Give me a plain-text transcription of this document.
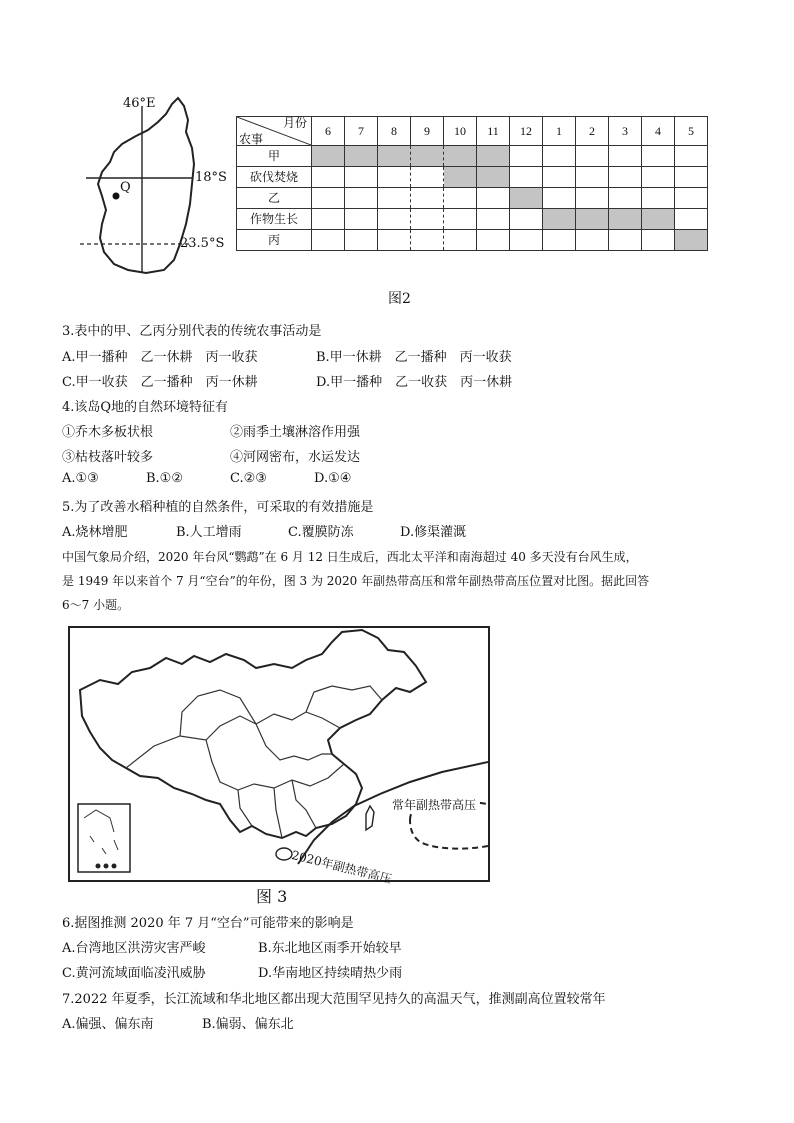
46°E
18°S
23.5°S
Q
月份
农事	6	7	8	9	10	11	12	1	2	3	4	5
甲												
砍伐焚烧												
乙												
作物生长												
丙												
图2
3.表中的甲、乙丙分别代表的传统农事活动是
A.甲一播种　乙一休耕　丙一收获	B.甲一休耕　乙一播种　丙一收获
C.甲一收获　乙一播种　丙一休耕	D.甲一播种　乙一收获　丙一休耕
4.该岛Q地的自然环境特征有
①乔木多板状根	②雨季土壤淋溶作用强
③枯枝落叶较多	④河网密布，水运发达
A.①③	B.①②	C.②③	D.①④
5.为了改善水稻种植的自然条件，可采取的有效措施是
A.烧林增肥	B.人工增雨	C.覆膜防冻	D.修渠灌溉
中国气象局介绍，2020 年台风“鹦鹉”在 6 月 12 日生成后，西北太平洋和南海超过 40 多天没有台风生成，
是 1949 年以来首个 7 月“空台”的年份，图 3 为 2020 年副热带高压和常年副热带高压位置对比图。据此回答
6～7 小题。
常年副热带高压
2020年副热带高压
图 3
6.据图推测 2020 年 7 月“空台”可能带来的影响是
A.台湾地区洪涝灾害严峻	B.东北地区雨季开始较早
C.黄河流域面临凌汛威胁	D.华南地区持续晴热少雨
7.2022 年夏季，长江流域和华北地区都出现大范围罕见持久的高温天气，推测副高位置较常年
A.偏强、偏东南	B.偏弱、偏东北
